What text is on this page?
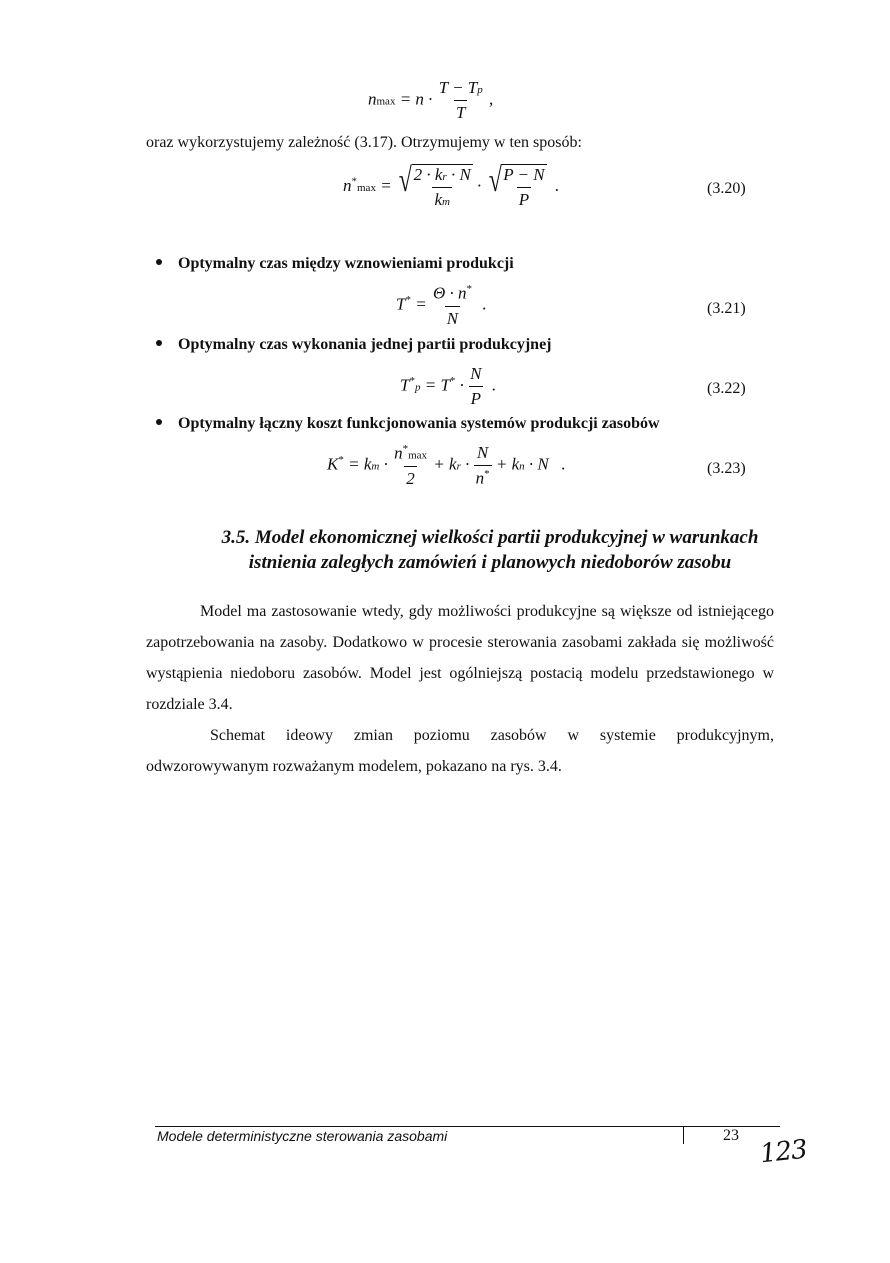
$nmax = n \cdot \frac{T - Tp}{T}$ ,
oraz wykorzystujemy zależność (3.17). Otrzymujemy w ten sposób:
n*max = √ $\frac{2 \cdot kr \cdot N}{km}$ · √ $\frac{P - N}{P}$ .	(3.20)
Optymalny czas między wznowieniami produkcji
$T^* = \frac{\Theta \cdot n^*}{N}$ .	(3.21)
Optymalny czas wykonania jednej partii produkcyjnej
$T^*p = T^* \cdot \frac{N}{P}$ .	(3.22)
Optymalny łączny koszt funkcjonowania systemów produkcji zasobów
K* = km · $\frac{n^*\max}{2}$ + kr · $\frac{N}{n^*}$ + kn · N .	(3.23)
3.5. Model ekonomicznej wielkości partii produkcyjnej w warunkach
istnienia zaległych zamówień i planowych niedoborów zasobu
Model ma zastosowanie wtedy, gdy możliwości produkcyjne są większe od istniejącego zapotrzebowania na zasoby. Dodatkowo w procesie sterowania zasobami zakłada się możliwość wystąpienia niedoboru zasobów. Model jest ogólniejszą postacią modelu przedstawionego w rozdziale 3.4.
Schemat ideowy zmian poziomu zasobów w systemie produkcyjnym, odwzorowywanym rozważanym modelem, pokazano na rys. 3.4.
Modele deterministyczne sterowania zasobami	23 123
